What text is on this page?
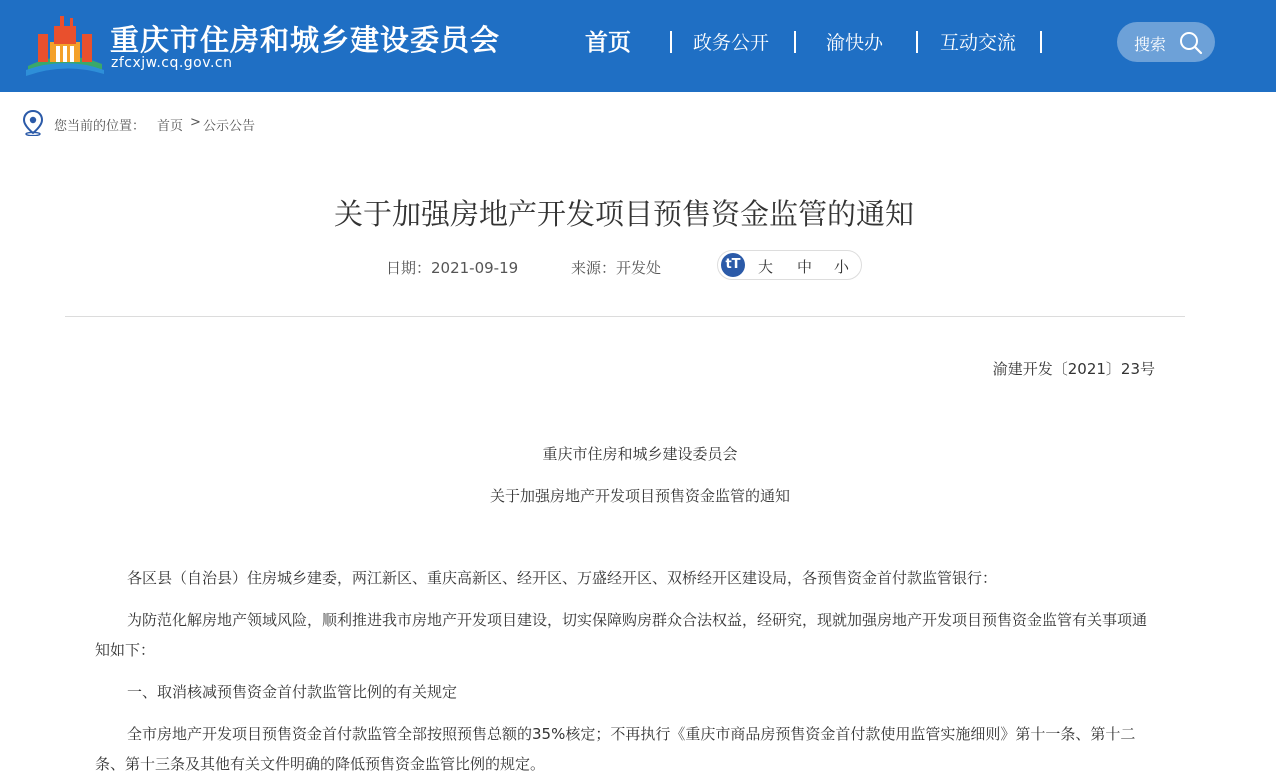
重庆市住房和城乡建设委员会
zfcxjw.cq.gov.cn
首页	政务公开	渝快办	互动交流	搜索
您当前的位置： 首页 > 公示公告
关于加强房地产开发项目预售资金监管的通知
日期：2021-09-19	来源：开发处	tT 大 中 小
渝建开发〔2021〕23号
重庆市住房和城乡建设委员会
关于加强房地产开发项目预售资金监管的通知
各区县（自治县）住房城乡建委，两江新区、重庆高新区、经开区、万盛经开区、双桥经开区建设局，各预售资金首付款监管银行：
为防范化解房地产领域风险，顺利推进我市房地产开发项目建设，切实保障购房群众合法权益，经研究，现就加强房地产开发项目预售资金监管有关事项通知如下：
一、取消核减预售资金首付款监管比例的有关规定
全市房地产开发项目预售资金首付款监管全部按照预售总额的35%核定；不再执行《重庆市商品房预售资金首付款使用监管实施细则》第十一条、第十二条、第十三条及其他有关文件明确的降低预售资金监管比例的规定。
